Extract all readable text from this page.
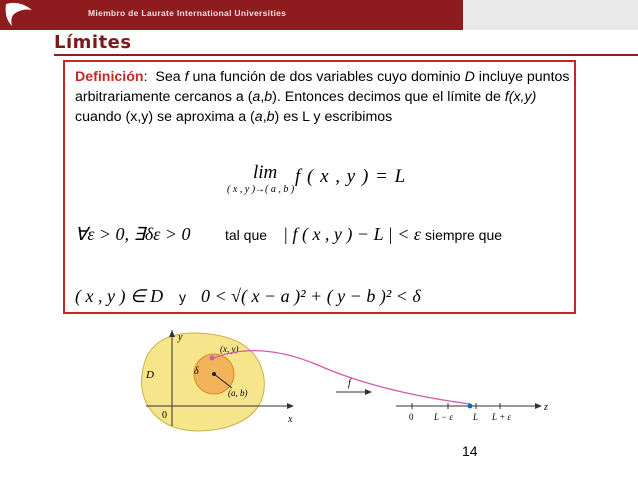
Miembro de Laurate International Universities
Límites
Definición: Sea f una función de dos variables cuyo dominio D incluye puntos arbitrariamente cercanos a (a,b). Entonces decimos que el límite de f(x,y) cuando (x,y) se aproxima a (a,b) es L y escribimos
lim
( x , y )→( a , b )
f ( x , y ) = L
∀ε > 0, ∃δε > 0 tal que | f ( x , y ) − L | < ε siempre que
( x , y ) ∈ D y 0 < √( x − a )² + ( y − b )² < δ
y
x
0
D	δ
(x, y)
(a, b)
f
z
0 L − ε L L + ε
14
